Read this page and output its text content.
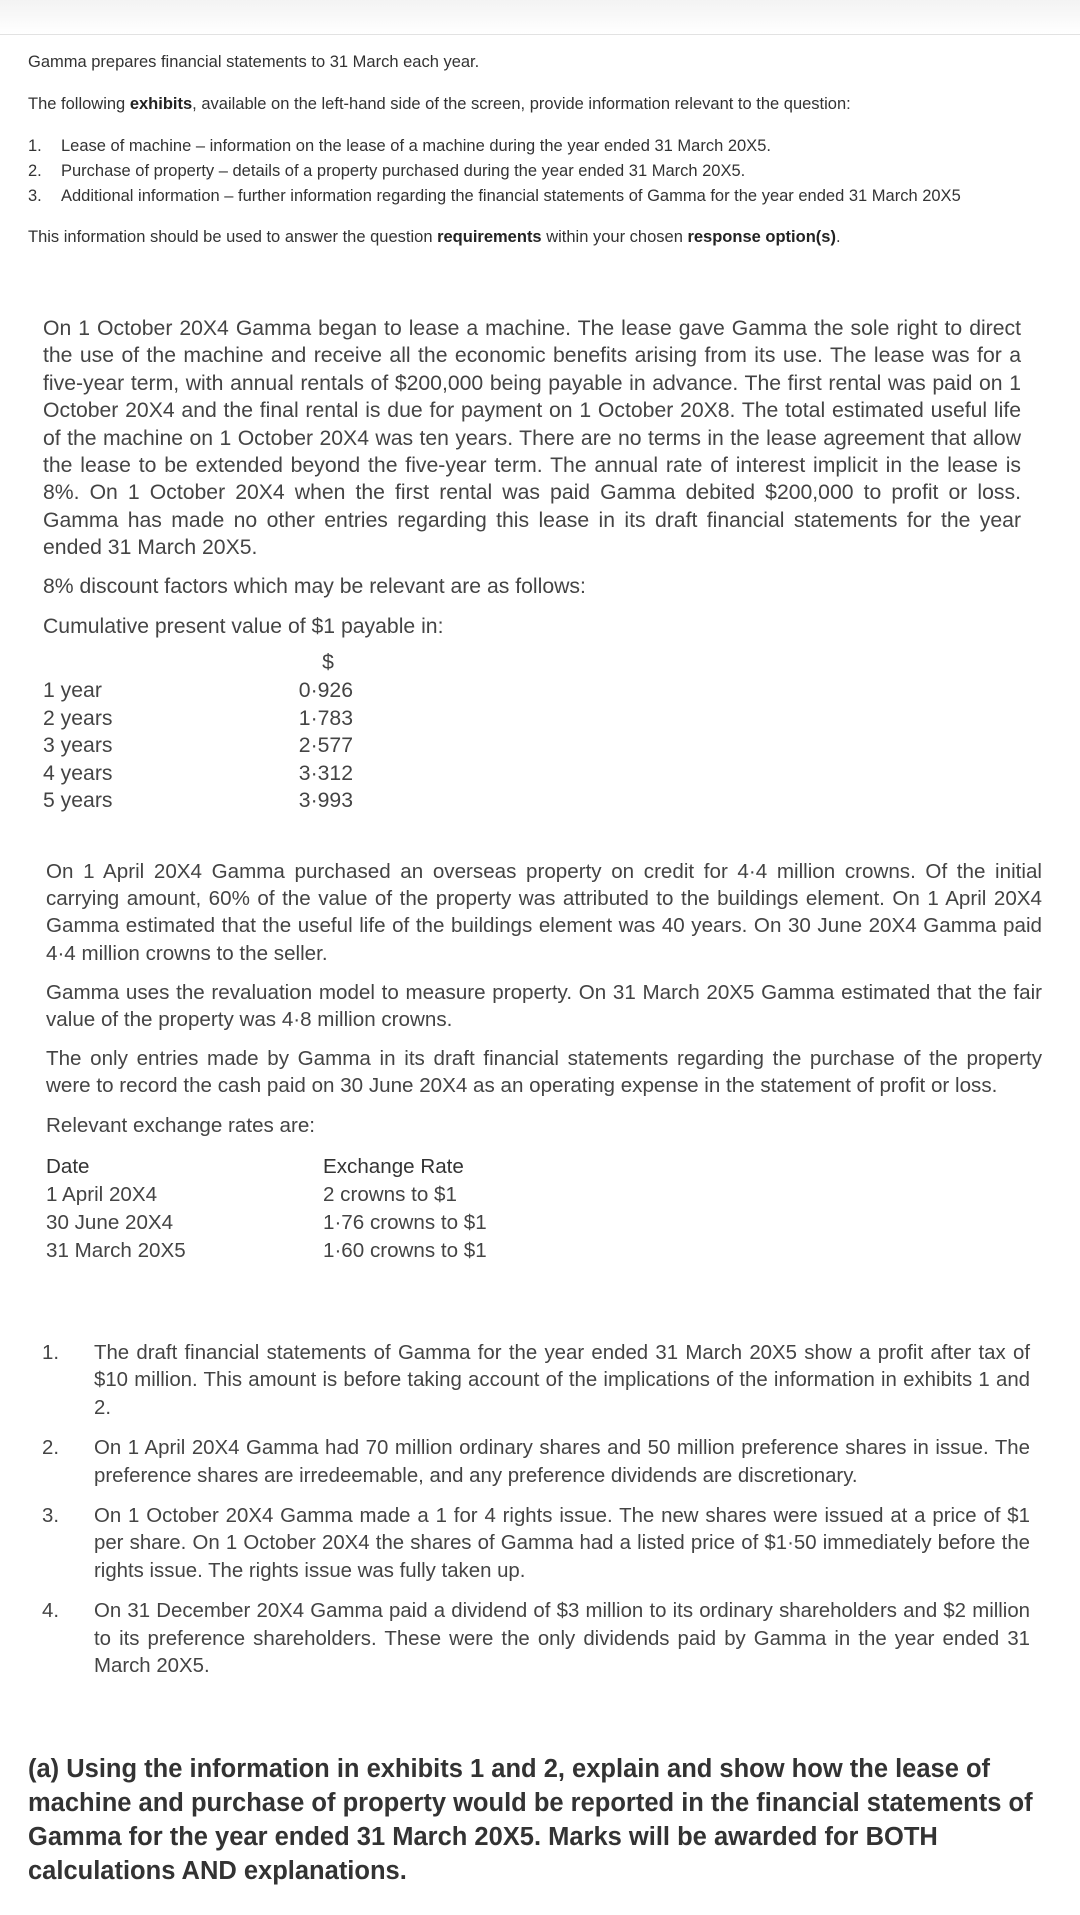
Gamma prepares financial statements to 31 March each year.

The following exhibits, available on the left-hand side of the screen, provide information relevant to the question:

1.	Lease of machine – information on the lease of a machine during the year ended 31 March 20X5.
2.	Purchase of property – details of a property purchased during the year ended 31 March 20X5.
3.	Additional information – further information regarding the financial statements of Gamma for the year ended 31 March 20X5

This information should be used to answer the question requirements within your chosen response option(s).

On 1 October 20X4 Gamma began to lease a machine. The lease gave Gamma the sole right to direct the use of the machine and receive all the economic benefits arising from its use. The lease was for a five-year term, with annual rentals of $200,000 being payable in advance. The first rental was paid on 1 October 20X4 and the final rental is due for payment on 1 October 20X8. The total estimated useful life of the machine on 1 October 20X4 was ten years. There are no terms in the lease agreement that allow the lease to be extended beyond the five-year term. The annual rate of interest implicit in the lease is 8%. On 1 October 20X4 when the first rental was paid Gamma debited $200,000 to profit or loss. Gamma has made no other entries regarding this lease in its draft financial statements for the year ended 31 March 20X5.

8% discount factors which may be relevant are as follows:

Cumulative present value of $1 payable in:

$
1 year	0·926
2 years	1·783
3 years	2·577
4 years	3·312
5 years	3·993

On 1 April 20X4 Gamma purchased an overseas property on credit for 4·4 million crowns. Of the initial carrying amount, 60% of the value of the property was attributed to the buildings element. On 1 April 20X4 Gamma estimated that the useful life of the buildings element was 40 years. On 30 June 20X4 Gamma paid 4·4 million crowns to the seller.

Gamma uses the revaluation model to measure property. On 31 March 20X5 Gamma estimated that the fair value of the property was 4·8 million crowns.

The only entries made by Gamma in its draft financial statements regarding the purchase of the property were to record the cash paid on 30 June 20X4 as an operating expense in the statement of profit or loss.

Relevant exchange rates are:

Date	Exchange Rate
1 April 20X4	2 crowns to $1
30 June 20X4	1·76 crowns to $1
31 March 20X5	1·60 crowns to $1
1.	The draft financial statements of Gamma for the year ended 31 March 20X5 show a profit after tax of $10 million. This amount is before taking account of the implications of the information in exhibits 1 and 2.
2.	On 1 April 20X4 Gamma had 70 million ordinary shares and 50 million preference shares in issue. The preference shares are irredeemable, and any preference dividends are discretionary.
3.	On 1 October 20X4 Gamma made a 1 for 4 rights issue. The new shares were issued at a price of $1 per share. On 1 October 20X4 the shares of Gamma had a listed price of $1·50 immediately before the rights issue. The rights issue was fully taken up.
4.	On 31 December 20X4 Gamma paid a dividend of $3 million to its ordinary shareholders and $2 million to its preference shareholders. These were the only dividends paid by Gamma in the year ended 31 March 20X5.

(a) Using the information in exhibits 1 and 2, explain and show how the lease of machine and purchase of property would be reported in the financial statements of Gamma for the year ended 31 March 20X5. Marks will be awarded for BOTH calculations AND explanations.
